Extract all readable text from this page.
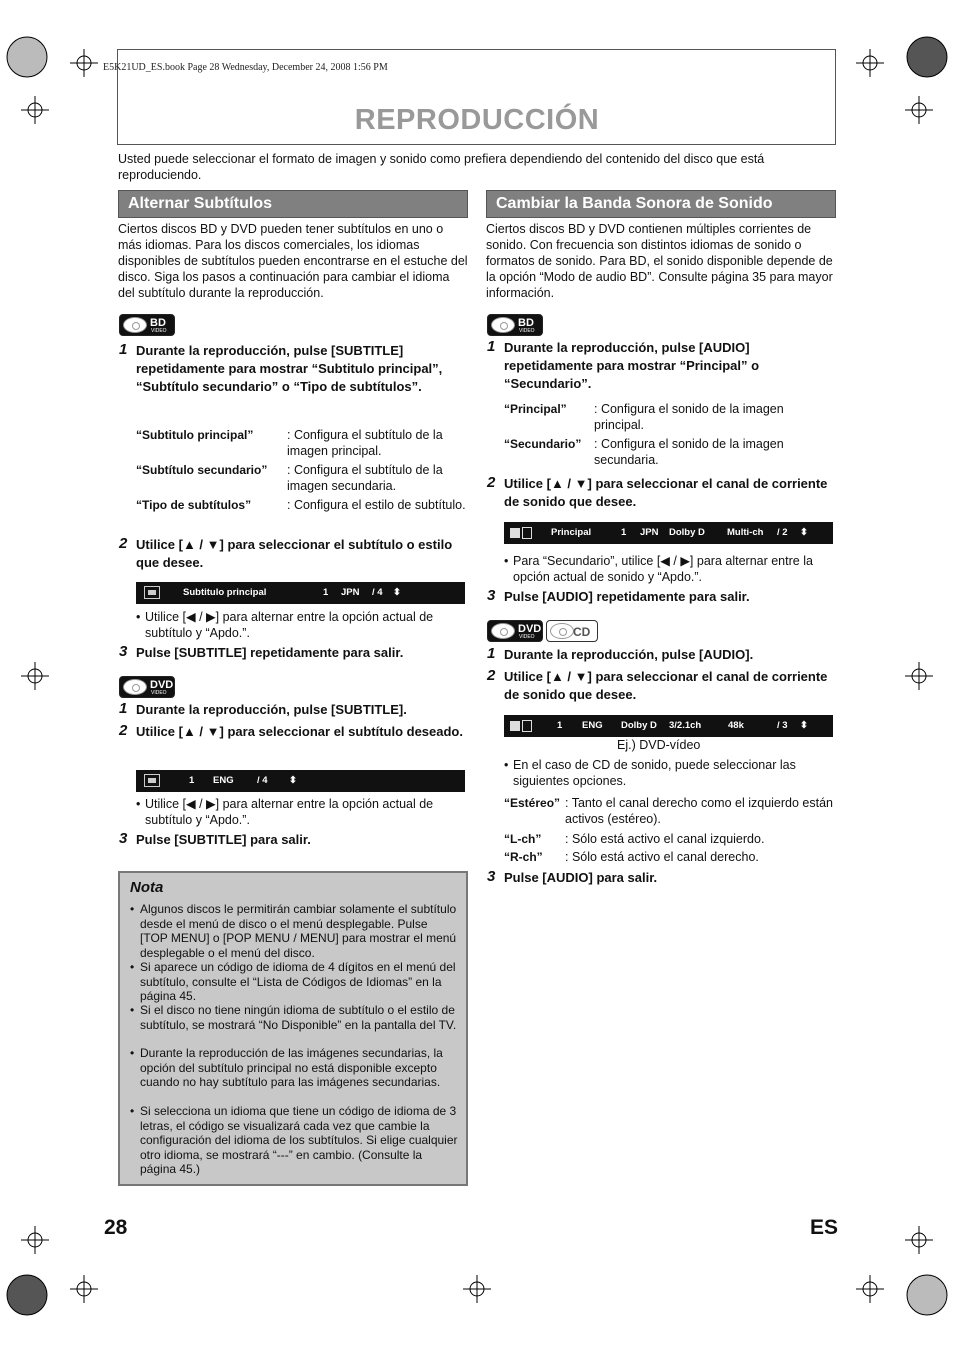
E5K21UD_ES.book Page 28 Wednesday, December 24, 2008 1:56 PM
REPRODUCCIÓN
Usted puede seleccionar el formato de imagen y sonido como prefiera dependiendo del contenido del disco que está reproduciendo.
Alternar Subtítulos
Ciertos discos BD y DVD pueden tener subtítulos en uno o más idiomas. Para los discos comerciales, los idiomas disponibles de subtítulos pueden encontrarse en el estuche del disco. Siga los pasos a continuación para cambiar el idioma del subtítulo durante la reproducción.
BD
VIDEO
1 Durante la reproducción, pulse [SUBTITLE] repetidamente para mostrar “Subtitulo principal”, “Subtítulo secundario” o “Tipo de subtítulos”.
“Subtitulo principal”	: Configura el subtítulo de la imagen principal.
“Subtítulo secundario” : Configura el subtítulo de la imagen secundaria.
“Tipo de subtítulos”	: Configura el estilo de subtítulo.
2 Utilice [▲ / ▼] para seleccionar el subtítulo o estilo que desee.
Subtitulo principal	1 JPN / 4 ⬍
• Utilice [◀ / ▶] para alternar entre la opción actual de subtítulo y “Apdo.”.
3 Pulse [SUBTITLE] repetidamente para salir.
DVD
VIDEO
1 Durante la reproducción, pulse [SUBTITLE].
2 Utilice [▲ / ▼] para seleccionar el subtítulo deseado.
1 ENG / 4 ⬍
• Utilice [◀ / ▶] para alternar entre la opción actual de subtítulo y “Apdo.”.
3 Pulse [SUBTITLE] para salir.
Nota
• Algunos discos le permitirán cambiar solamente el subtítulo desde el menú de disco o el menú desplegable. Pulse [TOP MENU] o [POP MENU / MENU] para mostrar el menú desplegable o el menú del disco.
• Si aparece un código de idioma de 4 dígitos en el menú del subtítulo, consulte el “Lista de Códigos de Idiomas” en la página 45.
• Si el disco no tiene ningún idioma de subtítulo o el estilo de subtítulo, se mostrará “No Disponible” en la pantalla del TV.
• Durante la reproducción de las imágenes secundarias, la opción del subtítulo principal no está disponible excepto cuando no hay subtítulo para las imágenes secundarias.
• Si selecciona un idioma que tiene un código de idioma de 3 letras, el código se visualizará cada vez que cambie la configuración del idioma de los subtítulos. Si elige cualquier otro idioma, se mostrará “---” en cambio. (Consulte la página 45.)
Cambiar la Banda Sonora de Sonido
Ciertos discos BD y DVD contienen múltiples corrientes de sonido. Con frecuencia son distintos idiomas de sonido o formatos de sonido. Para BD, el sonido disponible depende de la opción “Modo de audio BD”. Consulte página 35 para mayor información.
BD
VIDEO
1 Durante la reproducción, pulse [AUDIO] repetidamente para mostrar “Principal” o “Secundario”.
“Principal” : Configura el sonido de la imagen principal.
“Secundario” : Configura el sonido de la imagen secundaria.
2 Utilice [▲ / ▼] para seleccionar el canal de corriente de sonido que desee.
Principal	1 JPN Dolby D Multi-ch / 2 ⬍
• Para “Secundario”, utilice [◀ / ▶] para alternar entre la opción actual de sonido y “Apdo.”.
3 Pulse [AUDIO] repetidamente para salir.
DVD
VIDEO	CD
1 Durante la reproducción, pulse [AUDIO].
2 Utilice [▲ / ▼] para seleccionar el canal de corriente de sonido que desee.
1 ENG Dolby D 3/2.1ch	48k	/ 3 ⬍
Ej.) DVD-vídeo
• En el caso de CD de sonido, puede seleccionar las siguientes opciones.
“Estéreo” : Tanto el canal derecho como el izquierdo están activos (estéreo).
“L-ch” : Sólo está activo el canal izquierdo.
“R-ch” : Sólo está activo el canal derecho.
3 Pulse [AUDIO] para salir.
28	ES
